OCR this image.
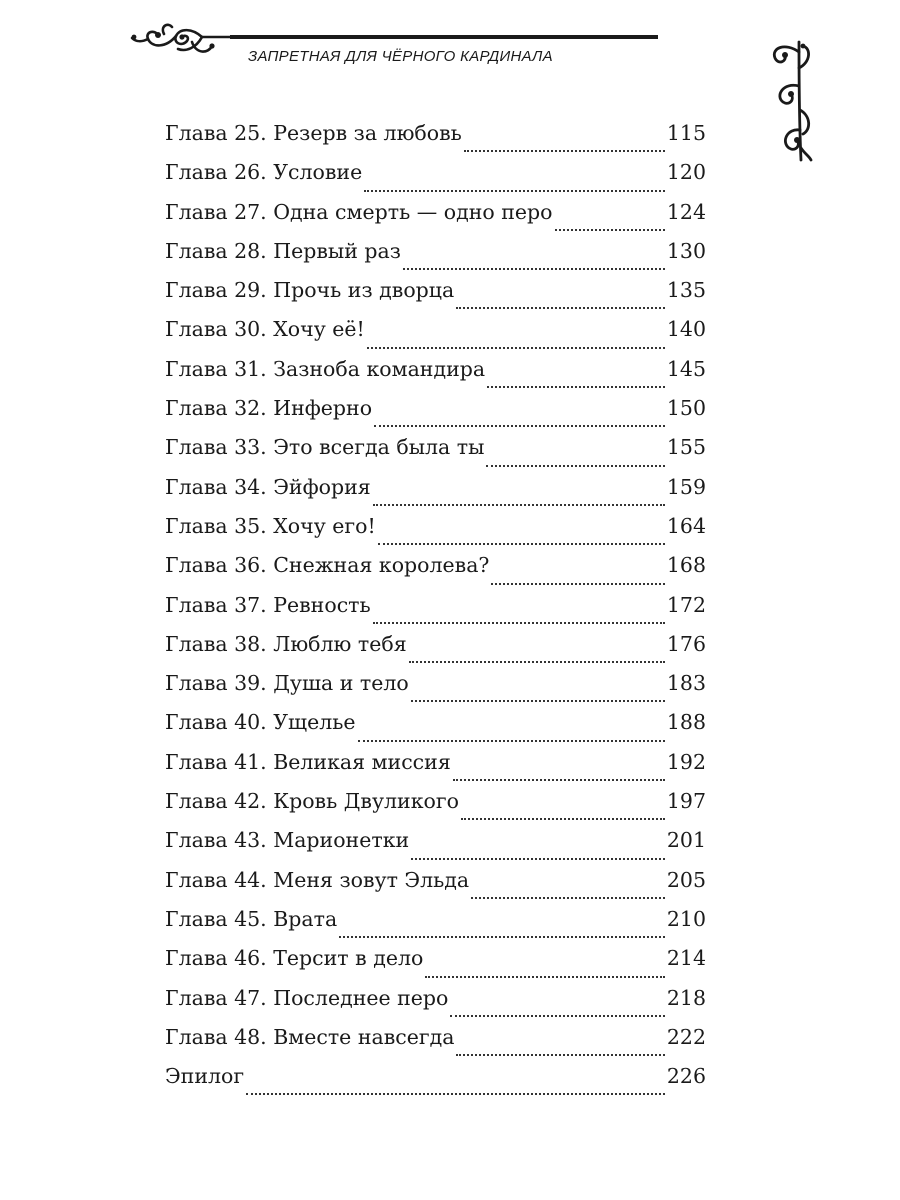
ЗАПРЕТНАЯ ДЛЯ ЧЁРНОГО КАРДИНАЛА
Глава 25. Резерв за любовь	115
Глава 26. Условие	120
Глава 27. Одна смерть — одно перо	124
Глава 28. Первый раз	130
Глава 29. Прочь из дворца	135
Глава 30. Хочу её!	140
Глава 31. Зазноба командира	145
Глава 32. Инферно	150
Глава 33. Это всегда была ты	155
Глава 34. Эйфория	159
Глава 35. Хочу его!	164
Глава 36. Снежная королева?	168
Глава 37. Ревность	172
Глава 38. Люблю тебя	176
Глава 39. Душа и тело	183
Глава 40. Ущелье	188
Глава 41. Великая миссия	192
Глава 42. Кровь Двуликого	197
Глава 43. Марионетки	201
Глава 44. Меня зовут Эльда	205
Глава 45. Врата	210
Глава 46. Терсит в дело	214
Глава 47. Последнее перо	218
Глава 48. Вместе навсегда	222
Эпилог	226
